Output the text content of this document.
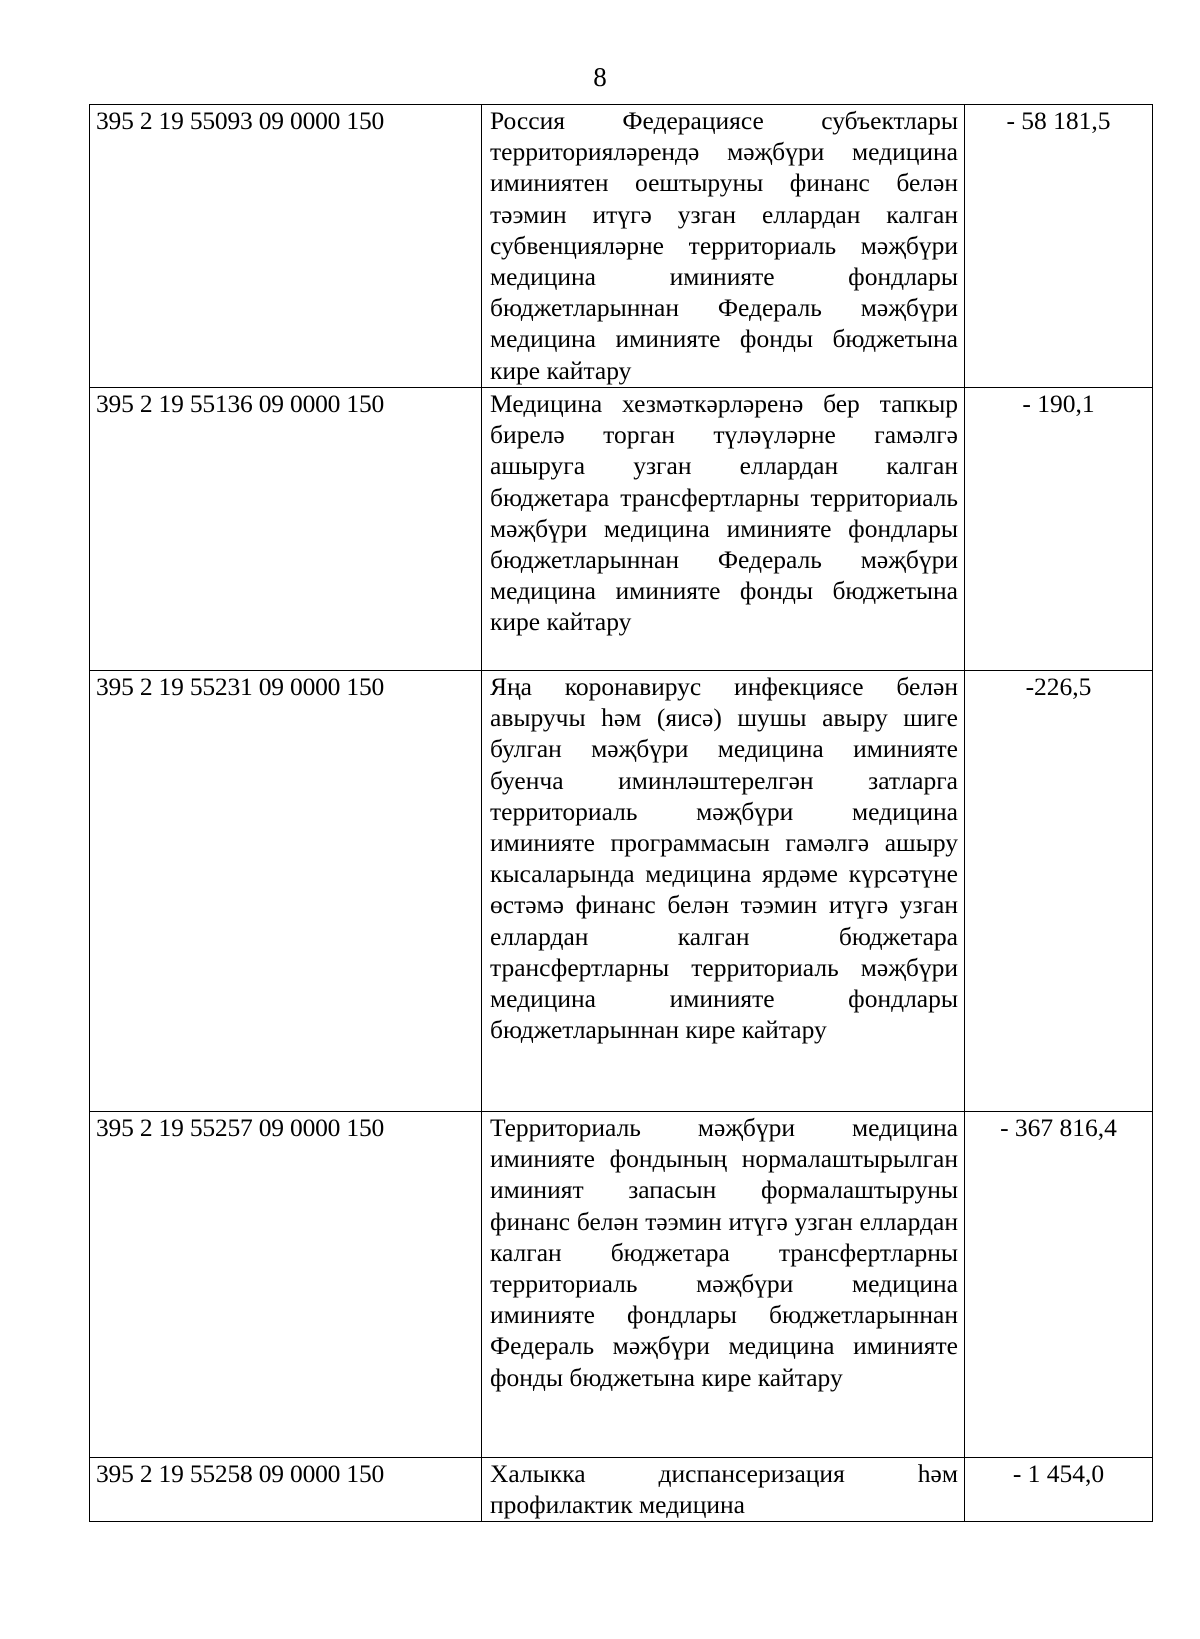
8
395 2 19 55093 09 0000 150	Россия Федерациясе субъектлары территорияләрендә мәҗбүри медицина иминиятен оештыруны финанс белән тәэмин итүгә узган еллардан калган субвенцияләрне территориаль мәҗбүри медицина иминияте фондлары бюджетларыннан Федераль мәҗбүри медицина иминияте фонды бюджетына кире кайтару	- 58 181,5
395 2 19 55136 09 0000 150	Медицина хезмәткәрләренә бер тапкыр бирелә торган түләүләрне гамәлгә ашыруга узган еллардан калган бюджетара трансфертларны территориаль мәҗбүри медицина иминияте фондлары бюджетларыннан Федераль мәҗбүри медицина иминияте фонды бюджетына кире кайтару	- 190,1
395 2 19 55231 09 0000 150	Яңа коронавирус инфекциясе белән авыручы һәм (яисә) шушы авыру шиге булган мәҗбүри медицина иминияте буенча иминләштерелгән затларга территориаль мәҗбүри медицина иминияте программасын гамәлгә ашыру кысаларында медицина ярдәме күрсәтүне өстәмә финанс белән тәэмин итүгә узган еллардан калган бюджетара трансфертларны территориаль мәҗбүри медицина иминияте фондлары бюджетларыннан кире кайтару	-226,5
395 2 19 55257 09 0000 150	Территориаль мәҗбүри медицина иминияте фондының нормалаштырылган иминият запасын формалаштыруны финанс белән тәэмин итүгә узган еллардан калган бюджетара трансфертларны территориаль мәҗбүри медицина иминияте фондлары бюджетларыннан Федераль мәҗбүри медицина иминияте фонды бюджетына кире кайтару	- 367 816,4
395 2 19 55258 09 0000 150	Халыкка диспансеризация һәм профилактик медицина	- 1 454,0
